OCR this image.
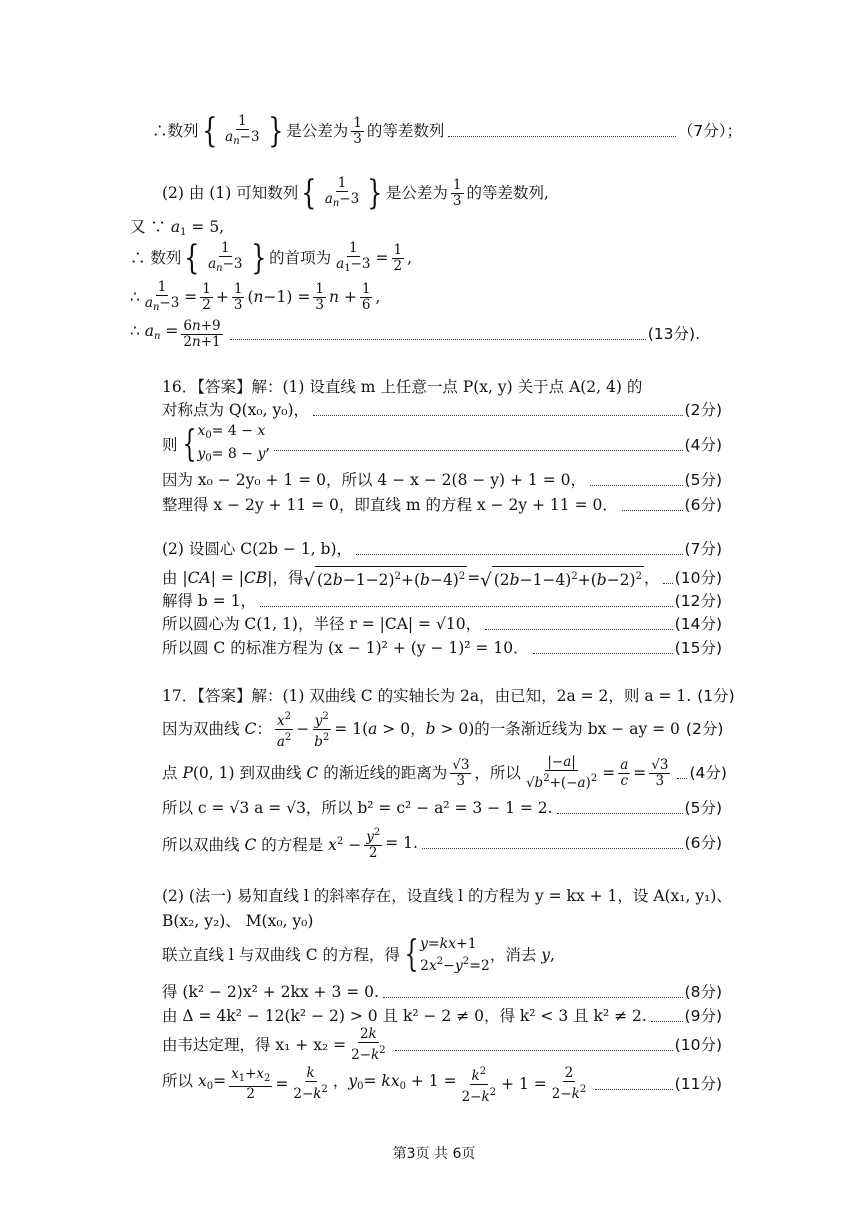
∴数列 { $\frac{1}{a_n-3}$ } 是公差为 $\frac{1}{3}$ 的等差数列	（7分）；
(2) 由 (1) 可知数列 { $\frac{1}{a_n-3}$ } 是公差为 $\frac{1}{3}$ 的等差数列,
又 ∵ $a_1 = 5$,
∴ 数列 { $\frac{1}{a_n-3}$ } 的首项为 $\frac{1}{a_1-3} = \frac{1}{2}$ ,
∴ $\frac{1}{a_n-3} = \frac{1}{2} + \frac{1}{3} (n-1) = \frac{1}{3}$ $n + \frac{1}{6}$ ,
∴ $a_n = \frac{6n+9}{2n+1}$	(13分).
16．【答案】解：(1) 设直线 m 上任意一点 P(x, y) 关于点 A(2, 4) 的
对称点为 Q(x₀, y₀)，	(2分)
则 { $x_0= 4 - x$
$y_0= 8 - y$ ,	(4分)
因为 x₀ − 2y₀ + 1 = 0，所以 4 − x − 2(8 − y) + 1 = 0，	(5分)
整理得 x − 2y + 11 = 0，即直线 m 的方程 x − 2y + 11 = 0．	(6分)
(2) 设圆心 C(2b − 1, b)，	(7分)
由 |CA| = |CB|，得 √ $(2b-1-2)^2+(b-4)^2$ = √ $(2b-1-4)^2+(b-2)^2$ ， (10分)
解得 b = 1，	(12分)
所以圆心为 C(1, 1)，半径 r = |CA| = √10，	(14分)
所以圆 C 的标准方程为 (x − 1)² + (y − 1)² = 10．	(15分)
17．【答案】解：(1) 双曲线 C 的实轴长为 2a，由已知，2a = 2，则 a = 1. (1分)
因为双曲线 C： $\frac{x^2}{a^2} - \frac{y^2}{b^2} = 1(a > 0$，b > 0) 的一条渐近线为 bx − ay = 0 (2分)
点 P(0, 1) 到双曲线 C 的渐近线的距离为 $\frac{√3}{3}$ ，所以 $\frac{|-a|}{√b^2+(-a)^2} = \frac{a}{c} = \frac{√3}{3} (4$分)
所以 c = √3 a = √3，所以 b² = c² − a² = 3 − 1 = 2.	(5分)
所以双曲线 C 的方程是 $x^2 - \frac{y^2}{2} = 1$.	(6分)
(2) (法一) 易知直线 l 的斜率存在，设直线 l 的方程为 y = kx + 1，设 A(x₁, y₁)、
B(x₂, y₂)、 M(x₀, y₀)
联立直线 l 与双曲线 C 的方程，得 { y=kx+1
$2x^2-y^2=2$
，消去 y,
得 (k² − 2)x² + 2kx + 3 = 0.	(8分)
由 Δ = 4k² − 12(k² − 2) > 0 且 k² − 2 ≠ 0，得 k² < 3 且 k² ≠ 2. (9分)
由韦达定理，得 $x_1 + x_2 = \frac{2k}{2-k^2}$	(10分)
所以 $x_0= \frac{x_1+x_2}{2} = \frac{k}{2-k^2}$ ，$y_0= kx_0 + 1 = \frac{k^2}{2-k^2} + 1 = \frac{2}{2-k^2}$	(11分)
第3页 共 6页
